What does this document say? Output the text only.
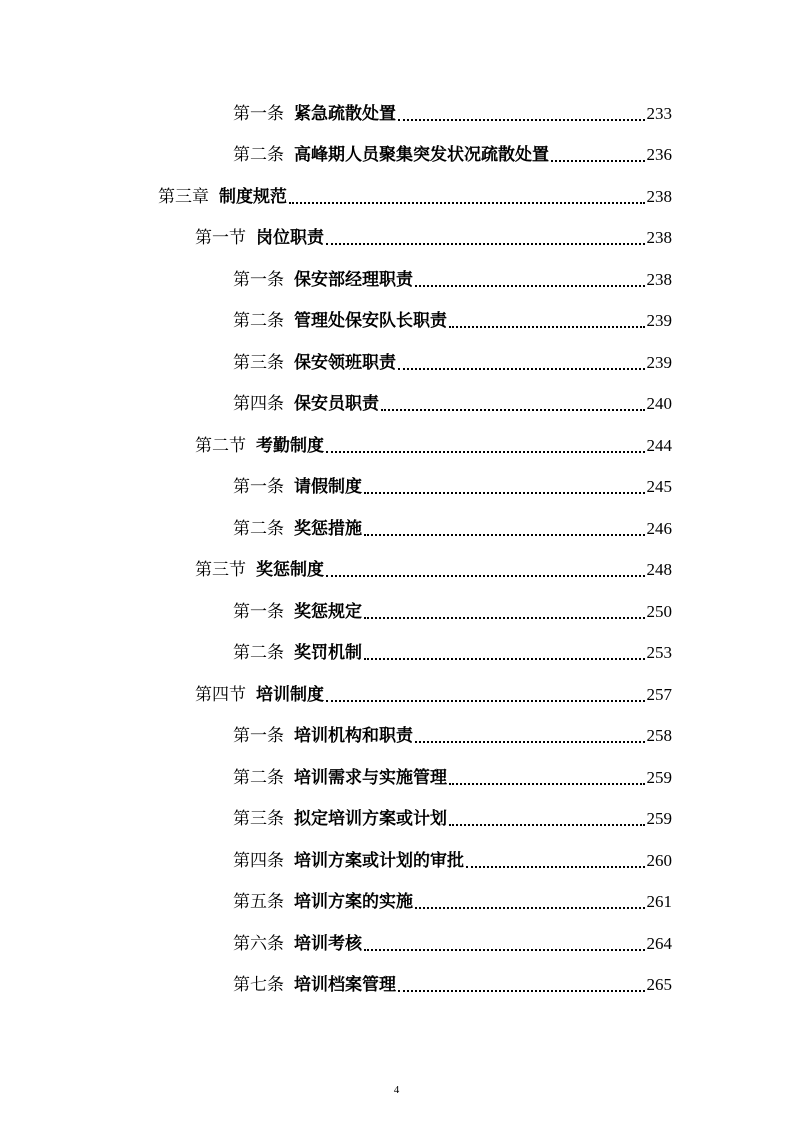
第一条 紧急疏散处置	233
第二条 高峰期人员聚集突发状况疏散处置	236
第三章 制度规范	238
第一节 岗位职责	238
第一条 保安部经理职责	238
第二条 管理处保安队长职责	239
第三条 保安领班职责	239
第四条 保安员职责	240
第二节 考勤制度	244
第一条 请假制度	245
第二条 奖惩措施	246
第三节 奖惩制度	248
第一条 奖惩规定	250
第二条 奖罚机制	253
第四节 培训制度	257
第一条 培训机构和职责	258
第二条 培训需求与实施管理	259
第三条 拟定培训方案或计划	259
第四条 培训方案或计划的审批	260
第五条 培训方案的实施	261
第六条 培训考核	264
第七条 培训档案管理	265
4
